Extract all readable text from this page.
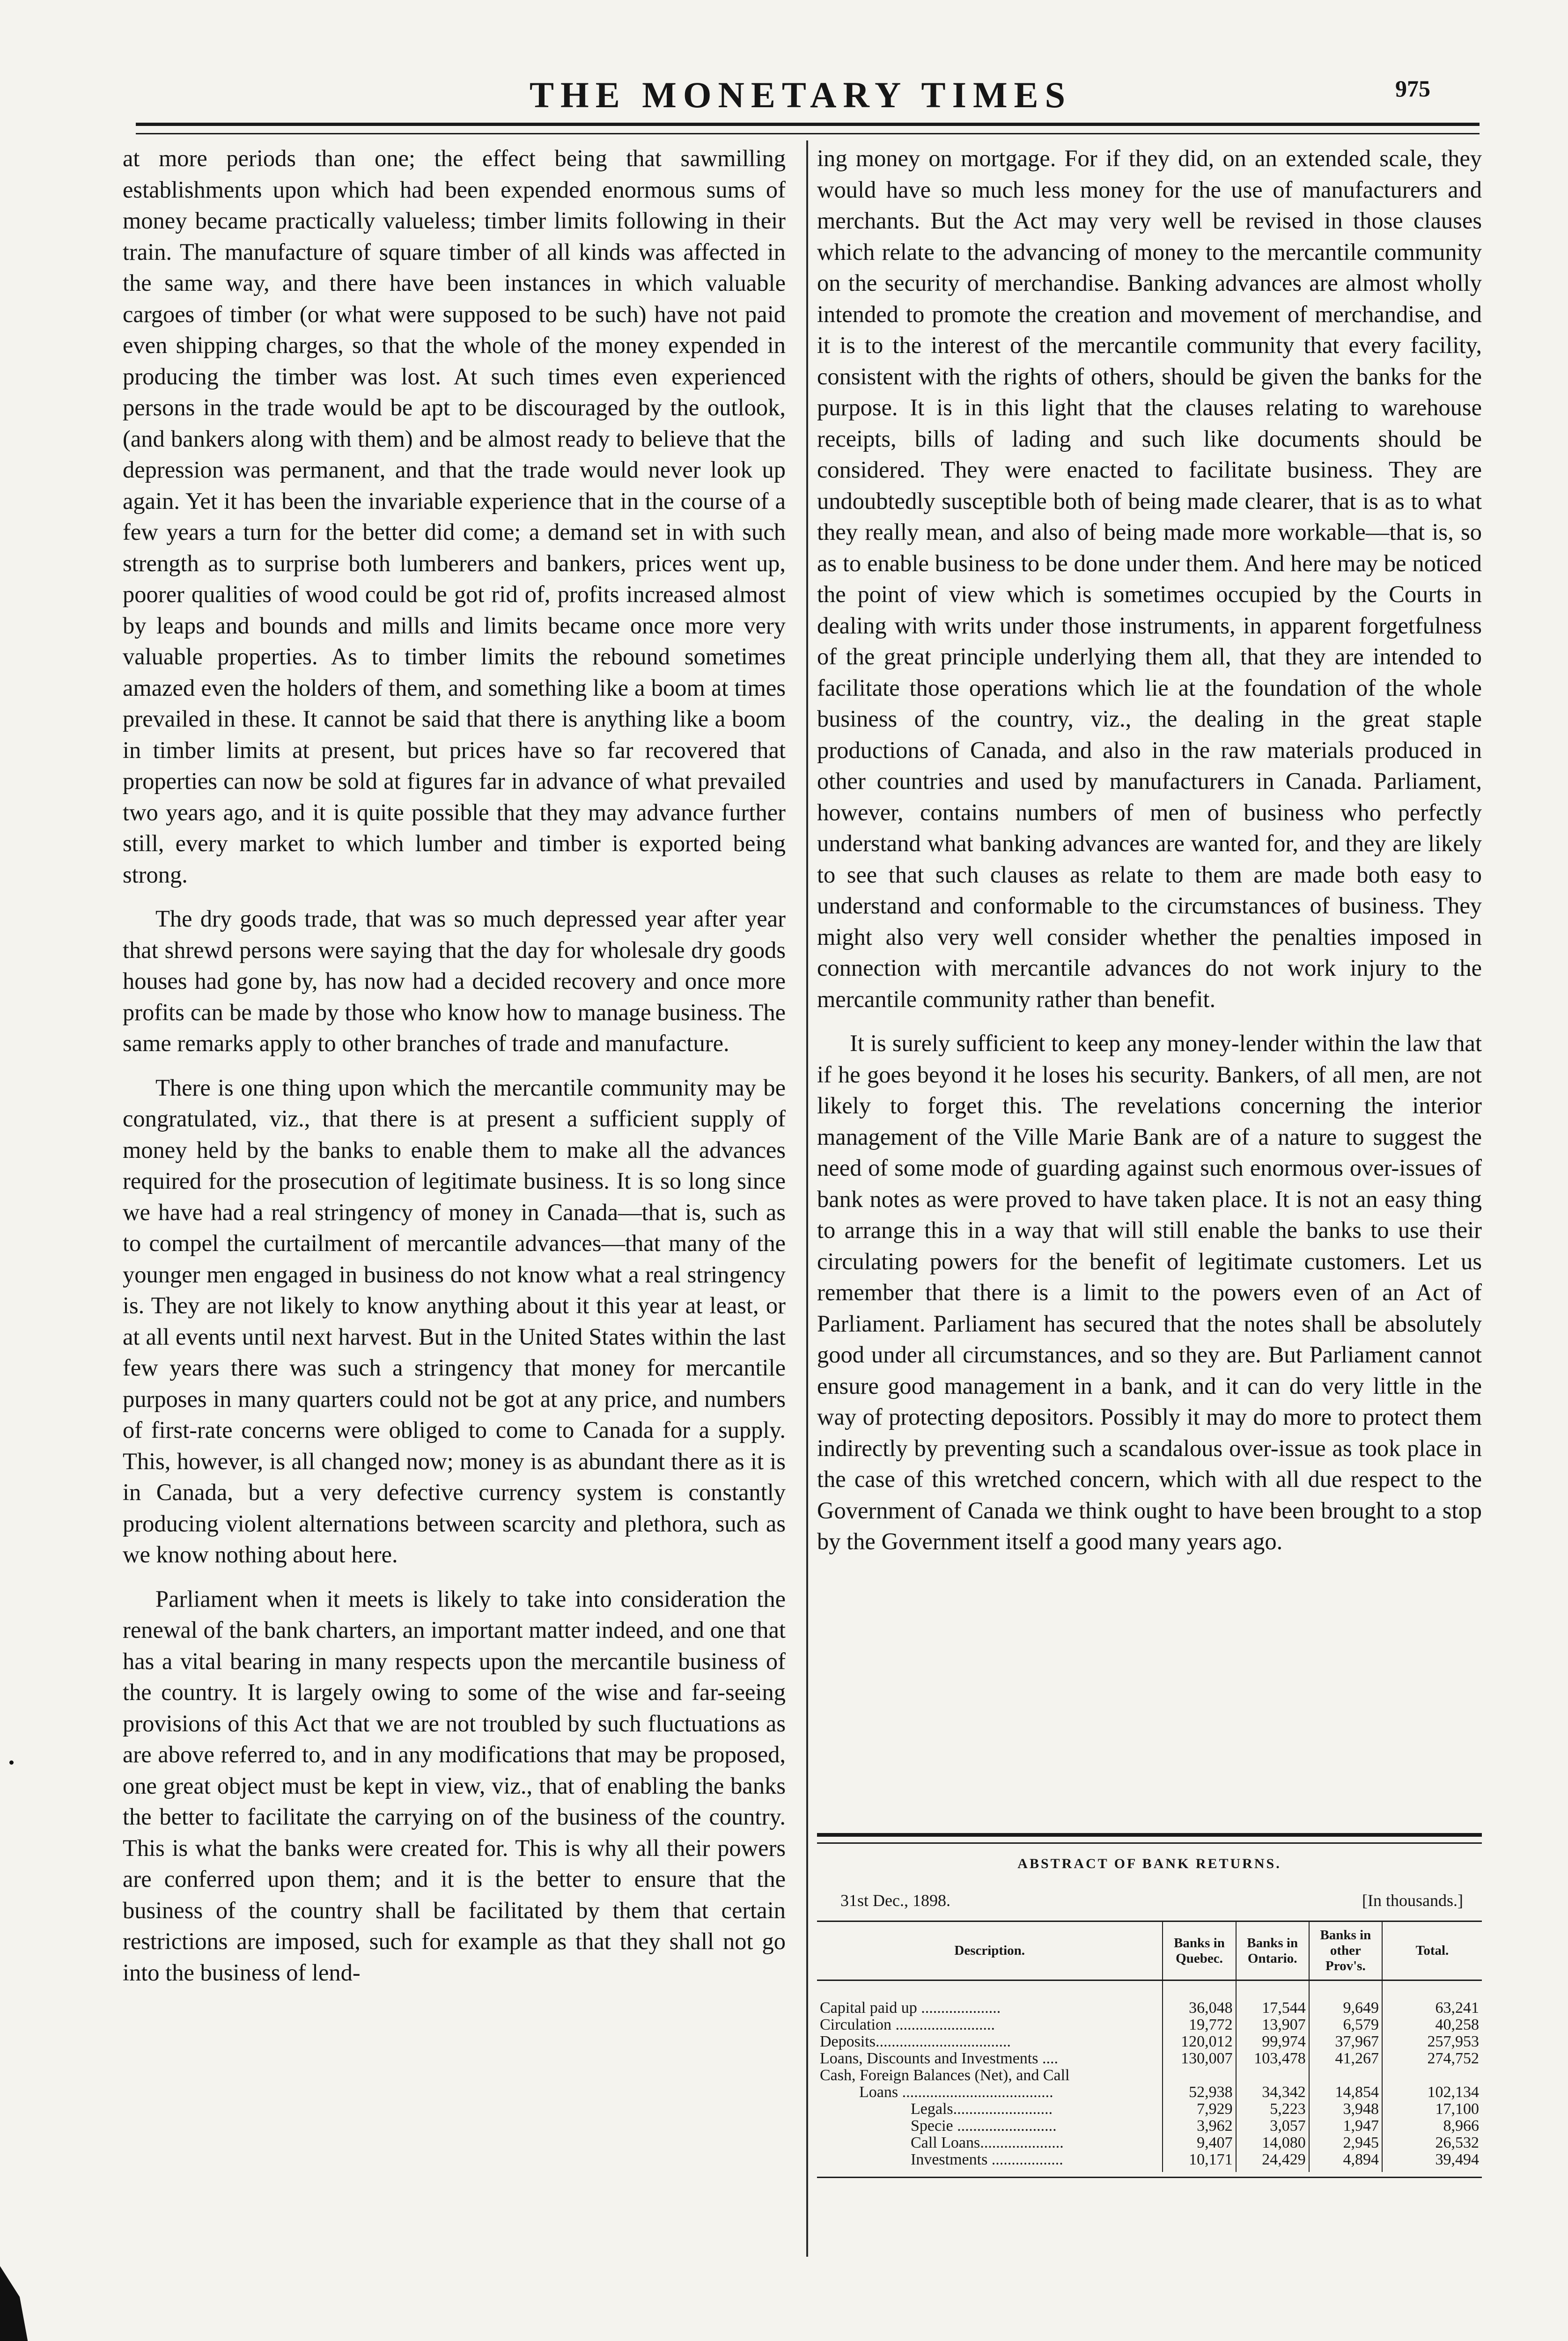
THE MONETARY TIMES	975

at more periods than one; the effect being that sawmilling establishments upon which had been expended enormous sums of money became practically valueless; timber limits following in their train. The manufacture of square timber of all kinds was affected in the same way, and there have been instances in which valuable cargoes of timber (or what were supposed to be such) have not paid even shipping charges, so that the whole of the money expended in producing the timber was lost. At such times even experienced persons in the trade would be apt to be discouraged by the outlook, (and bankers along with them) and be almost ready to believe that the depression was permanent, and that the trade would never look up again. Yet it has been the invariable experience that in the course of a few years a turn for the better did come; a demand set in with such strength as to surprise both lumberers and bankers, prices went up, poorer qualities of wood could be got rid of, profits increased almost by leaps and bounds and mills and limits became once more very valuable properties. As to timber limits the rebound sometimes amazed even the holders of them, and something like a boom at times prevailed in these. It cannot be said that there is anything like a boom in timber limits at present, but prices have so far recovered that properties can now be sold at figures far in advance of what prevailed two years ago, and it is quite possible that they may advance further still, every market to which lumber and timber is exported being strong.

The dry goods trade, that was so much depressed year after year that shrewd persons were saying that the day for wholesale dry goods houses had gone by, has now had a decided recovery and once more profits can be made by those who know how to manage business. The same remarks apply to other branches of trade and manufacture.

There is one thing upon which the mercantile community may be congratulated, viz., that there is at present a sufficient supply of money held by the banks to enable them to make all the advances required for the prosecution of legitimate business. It is so long since we have had a real stringency of money in Canada—that is, such as to compel the curtailment of mercantile advances—that many of the younger men engaged in business do not know what a real stringency is. They are not likely to know anything about it this year at least, or at all events until next harvest. But in the United States within the last few years there was such a stringency that money for mercantile purposes in many quarters could not be got at any price, and numbers of first-rate concerns were obliged to come to Canada for a supply. This, however, is all changed now; money is as abundant there as it is in Canada, but a very defective currency system is constantly producing violent alternations between scarcity and plethora, such as we know nothing about here.

Parliament when it meets is likely to take into consideration the renewal of the bank charters, an important matter indeed, and one that has a vital bearing in many respects upon the mercantile business of the country. It is largely owing to some of the wise and far-seeing provisions of this Act that we are not troubled by such fluctuations as are above referred to, and in any modifications that may be proposed, one great object must be kept in view, viz., that of enabling the banks the better to facilitate the carrying on of the business of the country. This is what the banks were created for. This is why all their powers are conferred upon them; and it is the better to ensure that the business of the country shall be facilitated by them that certain restrictions are imposed, such for example as that they shall not go into the business of lend-

ing money on mortgage. For if they did, on an extended scale, they would have so much less money for the use of manufacturers and merchants. But the Act may very well be revised in those clauses which relate to the advancing of money to the mercantile community on the security of merchandise. Banking advances are almost wholly intended to promote the creation and movement of merchandise, and it is to the interest of the mercantile community that every facility, consistent with the rights of others, should be given the banks for the purpose. It is in this light that the clauses relating to warehouse receipts, bills of lading and such like documents should be considered. They were enacted to facilitate business. They are undoubtedly susceptible both of being made clearer, that is as to what they really mean, and also of being made more workable—that is, so as to enable business to be done under them. And here may be noticed the point of view which is sometimes occupied by the Courts in dealing with writs under those instruments, in apparent forgetfulness of the great principle underlying them all, that they are intended to facilitate those operations which lie at the foundation of the whole business of the country, viz., the dealing in the great staple productions of Canada, and also in the raw materials produced in other countries and used by manufacturers in Canada. Parliament, however, contains numbers of men of business who perfectly understand what banking advances are wanted for, and they are likely to see that such clauses as relate to them are made both easy to understand and conformable to the circumstances of business. They might also very well consider whether the penalties imposed in connection with mercantile advances do not work injury to the mercantile community rather than benefit.

It is surely sufficient to keep any money-lender within the law that if he goes beyond it he loses his security. Bankers, of all men, are not likely to forget this. The revelations concerning the interior management of the Ville Marie Bank are of a nature to suggest the need of some mode of guarding against such enormous over-issues of bank notes as were proved to have taken place. It is not an easy thing to arrange this in a way that will still enable the banks to use their circulating powers for the benefit of legitimate customers. Let us remember that there is a limit to the powers even of an Act of Parliament. Parliament has secured that the notes shall be absolutely good under all circumstances, and so they are. But Parliament cannot ensure good management in a bank, and it can do very little in the way of protecting depositors. Possibly it may do more to protect them indirectly by preventing such a scandalous over-issue as took place in the case of this wretched concern, which with all due respect to the Government of Canada we think ought to have been brought to a stop by the Government itself a good many years ago.

ABSTRACT OF BANK RETURNS.
31st Dec., 1898.	[In thousands.]
Description.	Banks in Quebec.	Banks in Ontario.	Banks in other Prov's.	Total.

Capital paid up ....................	36,048	17,544	9,649	63,241
Circulation .........................	19,772	13,907	6,579	40,258
Deposits..................................	120,012	99,974	37,967	257,953
Loans, Discounts and Investments ....	130,007	103,478	41,267	274,752
Cash, Foreign Balances (Net), and Call				
Loans ......................................	52,938	34,342	14,854	102,134
Legals.........................	7,929	5,223	3,948	17,100
Specie .........................	3,962	3,057	1,947	8,966
Call Loans.....................	9,407	14,080	2,945	26,532
Investments ..................	10,171	24,429	4,894	39,494
